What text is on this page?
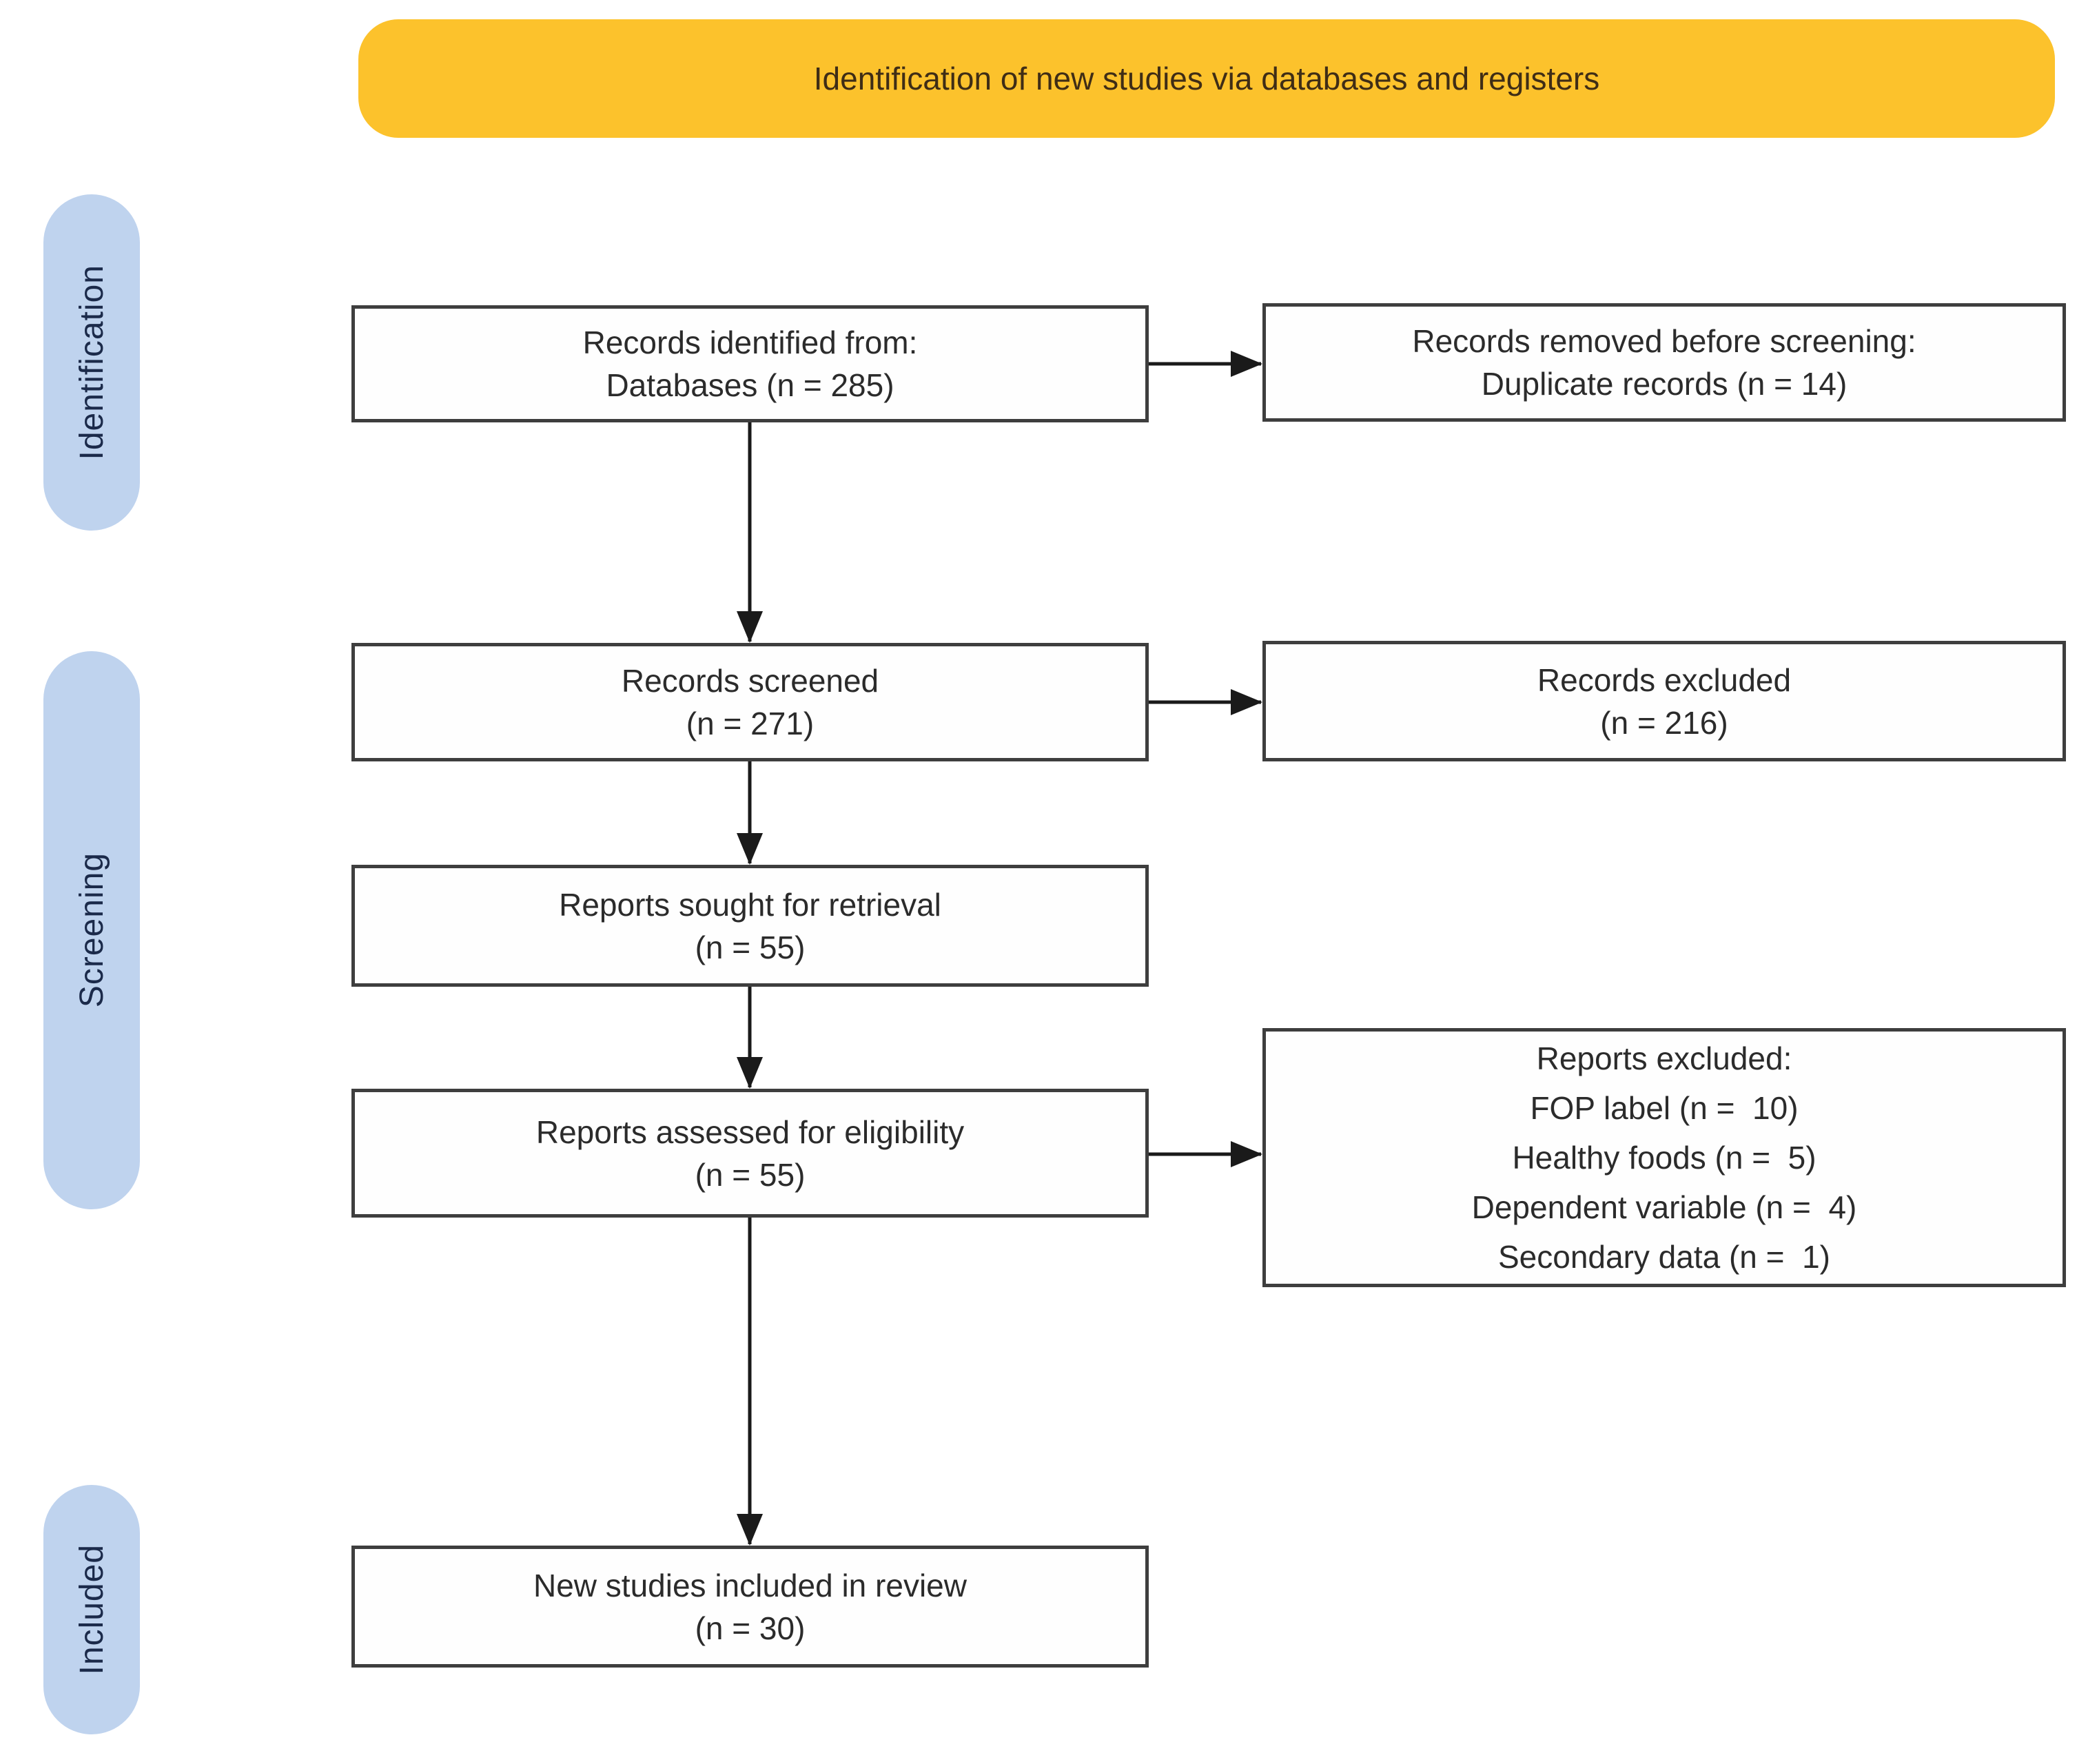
Identification of new studies via databases and registers
Identification
Screening
Included
Records identified from:
Databases (n = 285)
Records screened
(n = 271)
Reports sought for retrieval
(n = 55)
Reports assessed for eligibility
(n = 55)
New studies included in review
(n = 30)
Records removed before screening:
Duplicate records (n = 14)
Records excluded
(n = 216)
Reports excluded:
FOP label (n =  10)
Healthy foods (n =  5)
Dependent variable (n =  4)
Secondary data (n =  1)
